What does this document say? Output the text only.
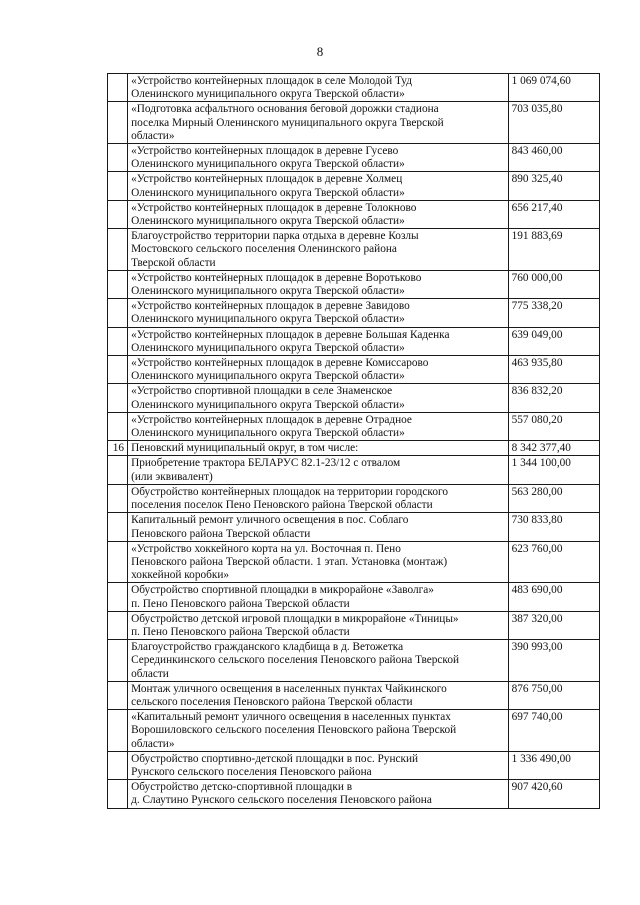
8

	«Устройство контейнерных площадок в селе Молодой Туд
Оленинского муниципального округа Тверской области»	1 069 074,60

	«Подготовка асфальтного основания беговой дорожки стадиона
поселка Мирный Оленинского муниципального округа Тверской
области»	703 035,80

	«Устройство контейнерных площадок в деревне Гусево
Оленинского муниципального округа Тверской области»	843 460,00

	«Устройство контейнерных площадок в деревне Холмец
Оленинского муниципального округа Тверской области»	890 325,40

	«Устройство контейнерных площадок в деревне Толокново
Оленинского муниципального округа Тверской области»	656 217,40

	Благоустройство территории парка отдыха в деревне Козлы
Мостовского сельского поселения Оленинского района
Тверской области	191 883,69

	«Устройство контейнерных площадок в деревне Воротьково
Оленинского муниципального округа Тверской области»	760 000,00

	«Устройство контейнерных площадок в деревне Завидово
Оленинского муниципального округа Тверской области»	775 338,20

	«Устройство контейнерных площадок в деревне Большая Каденка
Оленинского муниципального округа Тверской области»	639 049,00

	«Устройство контейнерных площадок в деревне Комиссарово
Оленинского муниципального округа Тверской области»	463 935,80

	«Устройство спортивной площадки в селе Знаменское
Оленинского муниципального округа Тверской области»	836 832,20

	«Устройство контейнерных площадок в деревне Отрадное
Оленинского муниципального округа Тверской области»	557 080,20
16	Пеновский муниципальный округ, в том числе:	8 342 377,40

	Приобретение трактора БЕЛАРУС 82.1-23/12 с отвалом
(или эквивалент)	1 344 100,00

	Обустройство контейнерных площадок на территории городского
поселения поселок Пено Пеновского района Тверской области	563 280,00

	Капитальный ремонт уличного освещения в пос. Соблаго
Пеновского района Тверской области	730 833,80

	«Устройство хоккейного корта на ул. Восточная п. Пено
Пеновского района Тверской области. 1 этап. Установка (монтаж)
хоккейной коробки»	623 760,00

	Обустройство спортивной площадки в микрорайоне «Заволга»
п. Пено Пеновского района Тверской области	483 690,00

	Обустройство детской игровой площадки в микрорайоне «Тиницы»
п. Пено Пеновского района Тверской области	387 320,00

	Благоустройство гражданского кладбища в д. Ветожетка
Серединкинского сельского поселения Пеновского района Тверской
области	390 993,00

	Монтаж уличного освещения в населенных пунктах Чайкинского
сельского поселения Пеновского района Тверской области	876 750,00

	«Капитальный ремонт уличного освещения в населенных пунктах
Ворошиловского сельского поселения Пеновского района Тверской
области»	697 740,00

	Обустройство спортивно-детской площадки в пос. Рунский
Рунского сельского поселения Пеновского района	1 336 490,00

	Обустройство детско-спортивной площадки в
д. Слаутино Рунского сельского поселения Пеновского района	907 420,60
